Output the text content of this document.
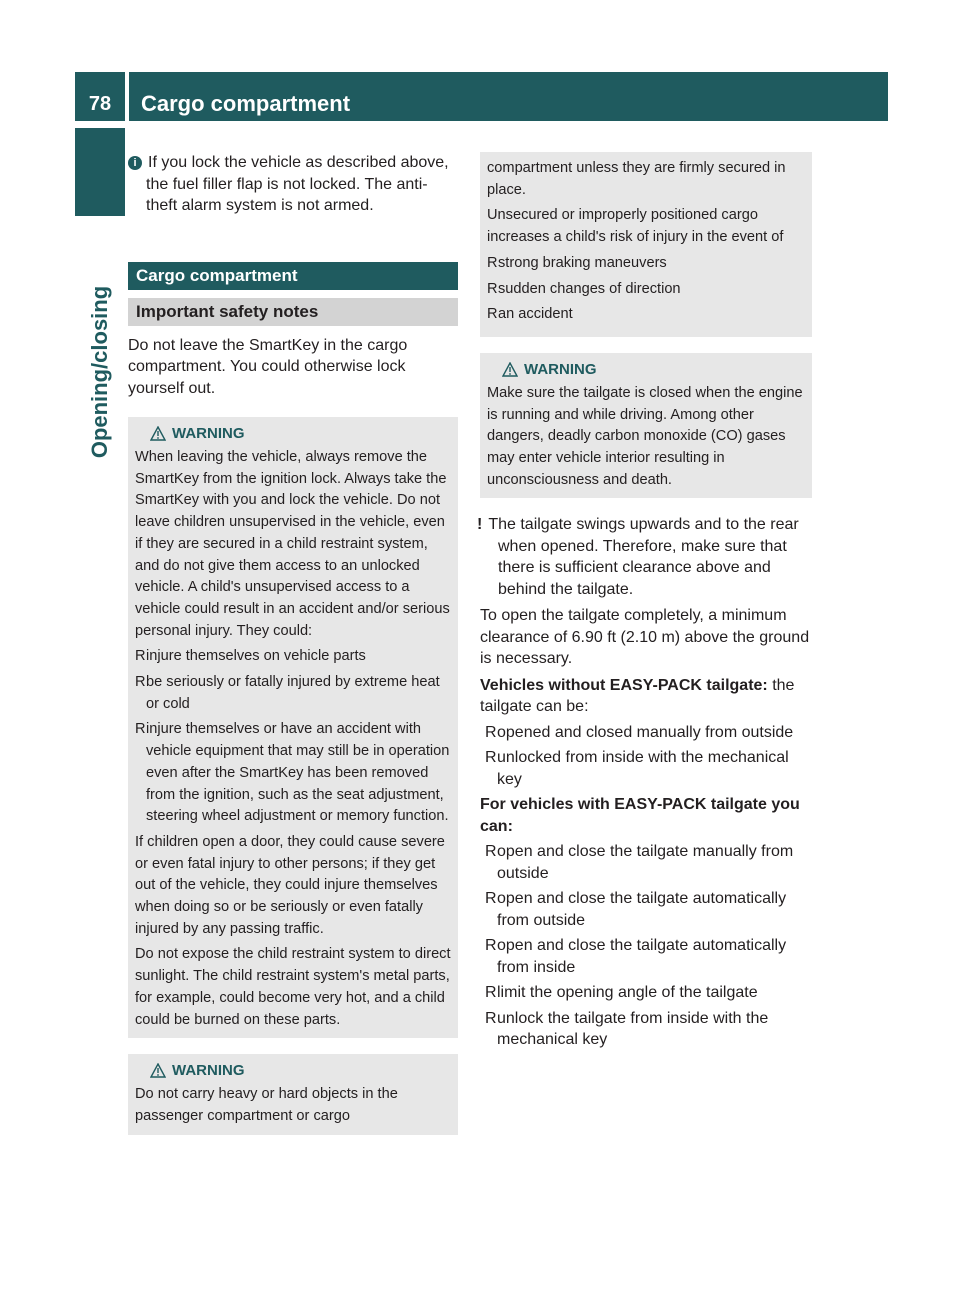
78	Cargo compartment
Opening/closing

i If you lock the vehicle as described above, the fuel filler flap is not locked. The anti-theft alarm system is not armed.

Cargo compartment
Important safety notes

Do not leave the SmartKey in the cargo compartment. You could otherwise lock yourself out.

WARNING

When leaving the vehicle, always remove the SmartKey from the ignition lock. Always take the SmartKey with you and lock the vehicle. Do not leave children unsupervised in the vehicle, even if they are secured in a child restraint system, and do not give them access to an unlocked vehicle. A child's unsupervised access to a vehicle could result in an accident and/or serious personal injury. They could:

R injure themselves on vehicle parts
R be seriously or fatally injured by extreme heat or cold
R injure themselves or have an accident with vehicle equipment that may still be in operation even after the SmartKey has been removed from the ignition, such as the seat adjustment, steering wheel adjustment or memory function.

If children open a door, they could cause severe or even fatal injury to other persons; if they get out of the vehicle, they could injure themselves when doing so or be seriously or even fatally injured by any passing traffic.

Do not expose the child restraint system to direct sunlight. The child restraint system's metal parts, for example, could become very hot, and a child could be burned on these parts.

WARNING

Do not carry heavy or hard objects in the passenger compartment or cargo

compartment unless they are firmly secured in place.

Unsecured or improperly positioned cargo increases a child's risk of injury in the event of

R strong braking maneuvers
R sudden changes of direction
R an accident
WARNING

Make sure the tailgate is closed when the engine is running and while driving. Among other dangers, deadly carbon monoxide (CO) gases may enter vehicle interior resulting in unconsciousness and death.

! The tailgate swings upwards and to the rear when opened. Therefore, make sure that there is sufficient clearance above and behind the tailgate.

To open the tailgate completely, a minimum clearance of 6.90 ft (2.10 m) above the ground is necessary.

Vehicles without EASY-PACK tailgate: the tailgate can be:

R opened and closed manually from outside
R unlocked from inside with the mechanical key

For vehicles with EASY-PACK tailgate you can:

R open and close the tailgate manually from outside
R open and close the tailgate automatically from outside
R open and close the tailgate automatically from inside
R limit the opening angle of the tailgate
R unlock the tailgate from inside with the mechanical key
